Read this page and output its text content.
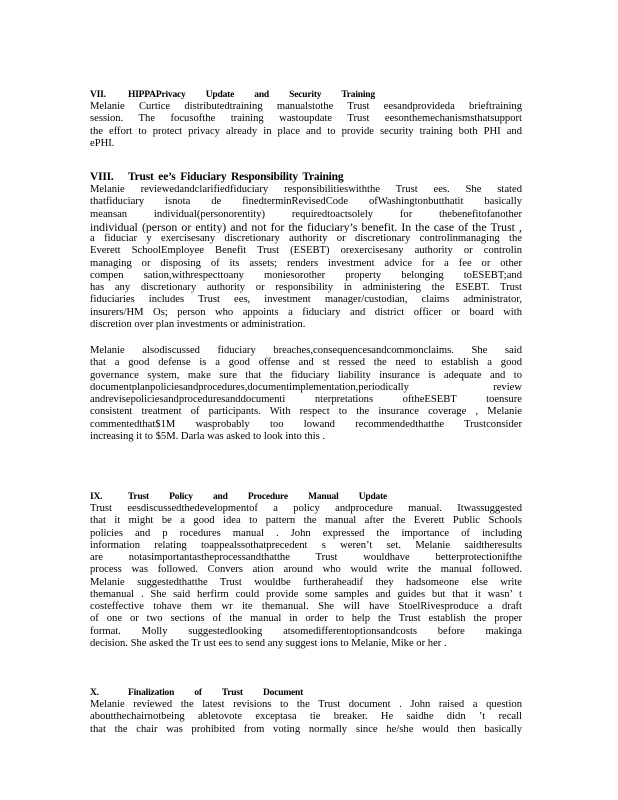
VII. HIPPAPrivacy Update and Security Training
Melanie Curtice distributedtraining manualstothe Trust eesandprovideda brieftraining
session. The focusofthe training wastoupdate Trust eesonthemechanismsthatsupport
the effort to protect privacy already in place and to provide security training both PHI and
ePHI.
VIII. Trust ee’s Fiduciary Responsibility Training
Melanie reviewedandclarifiedfiduciary responsibilitieswiththe Trust ees. She stated
thatfiduciary isnota de finedterminRevisedCode ofWashingtonbutthatit basically
meansan individual(personorentity) requiredtoactsolely for thebenefitofanother
individual (person or entity) and not for the fiduciary’s benefit. In the case of the Trust ,
a fiduciar y exercisesany discretionary authority or discretionary controlinmanaging the
Everett SchoolEmployee Benefit Trust (ESEBT) orexercisesany authority or controlin
managing or disposing of its assets; renders investment advice for a fee or other
compen sation,withrespecttoany moniesorother property belonging toESEBT;and
has any discretionary authority or responsibility in administering the ESEBT. Trust
fiduciaries includes Trust ees, investment manager/custodian, claims administrator,
insurers/HM Os; person who appoints a fiduciary and district officer or board with
discretion over plan investments or administration.
Melanie alsodiscussed fiduciary breaches,consequencesandcommonclaims. She said
that a good defense is a good offense and st ressed the need to establish a good
governance system, make sure that the fiduciary liability insurance is adequate and to
documentplanpoliciesandprocedures,documentimplementation,periodically review
andrevisepoliciesandproceduresanddocumenti nterpretations oftheESEBT toensure
consistent treatment of participants. With respect to the insurance coverage , Melanie
commentedthat$1M wasprobably too lowand recommendedthatthe Trustconsider
increasing it to $5M. Darla was asked to look into this .
IX.	Trust Policy and Procedure Manual Update
Trust eesdiscussedthedevelopmentof a policy andprocedure manual. Itwassuggested
that it might be a good idea to pattern the manual after the Everett Public Schools
policies and p rocedures manual . John expressed the importance of including
information relating toappealssothatprecedent s weren’t set. Melanie saidtheresults
are notasimportantastheprocessandthatthe Trust wouldhave betterprotectionifthe
process was followed. Convers ation around who would write the manual followed.
Melanie suggestedthatthe Trust wouldbe furtheraheadif they hadsomeone else write
themanual . She said herfirm could provide some samples and guides but that it wasn’ t
costeffective tohave them wr ite themanual. She will have StoelRivesproduce a draft
of one or two sections of the manual in order to help the Trust establish the proper
format. Molly suggestedlooking atsomedifferentoptionsandcosts before makinga
decision. She asked the Tr ust ees to send any suggest ions to Melanie, Mike or her .
X.	Finalization of Trust Document
Melanie reviewed the latest revisions to the Trust document . John raised a question
aboutthechairnotbeing abletovote exceptasa tie breaker. He saidhe didn ’t recall
that the chair was prohibited from voting normally since he/she would then basically
